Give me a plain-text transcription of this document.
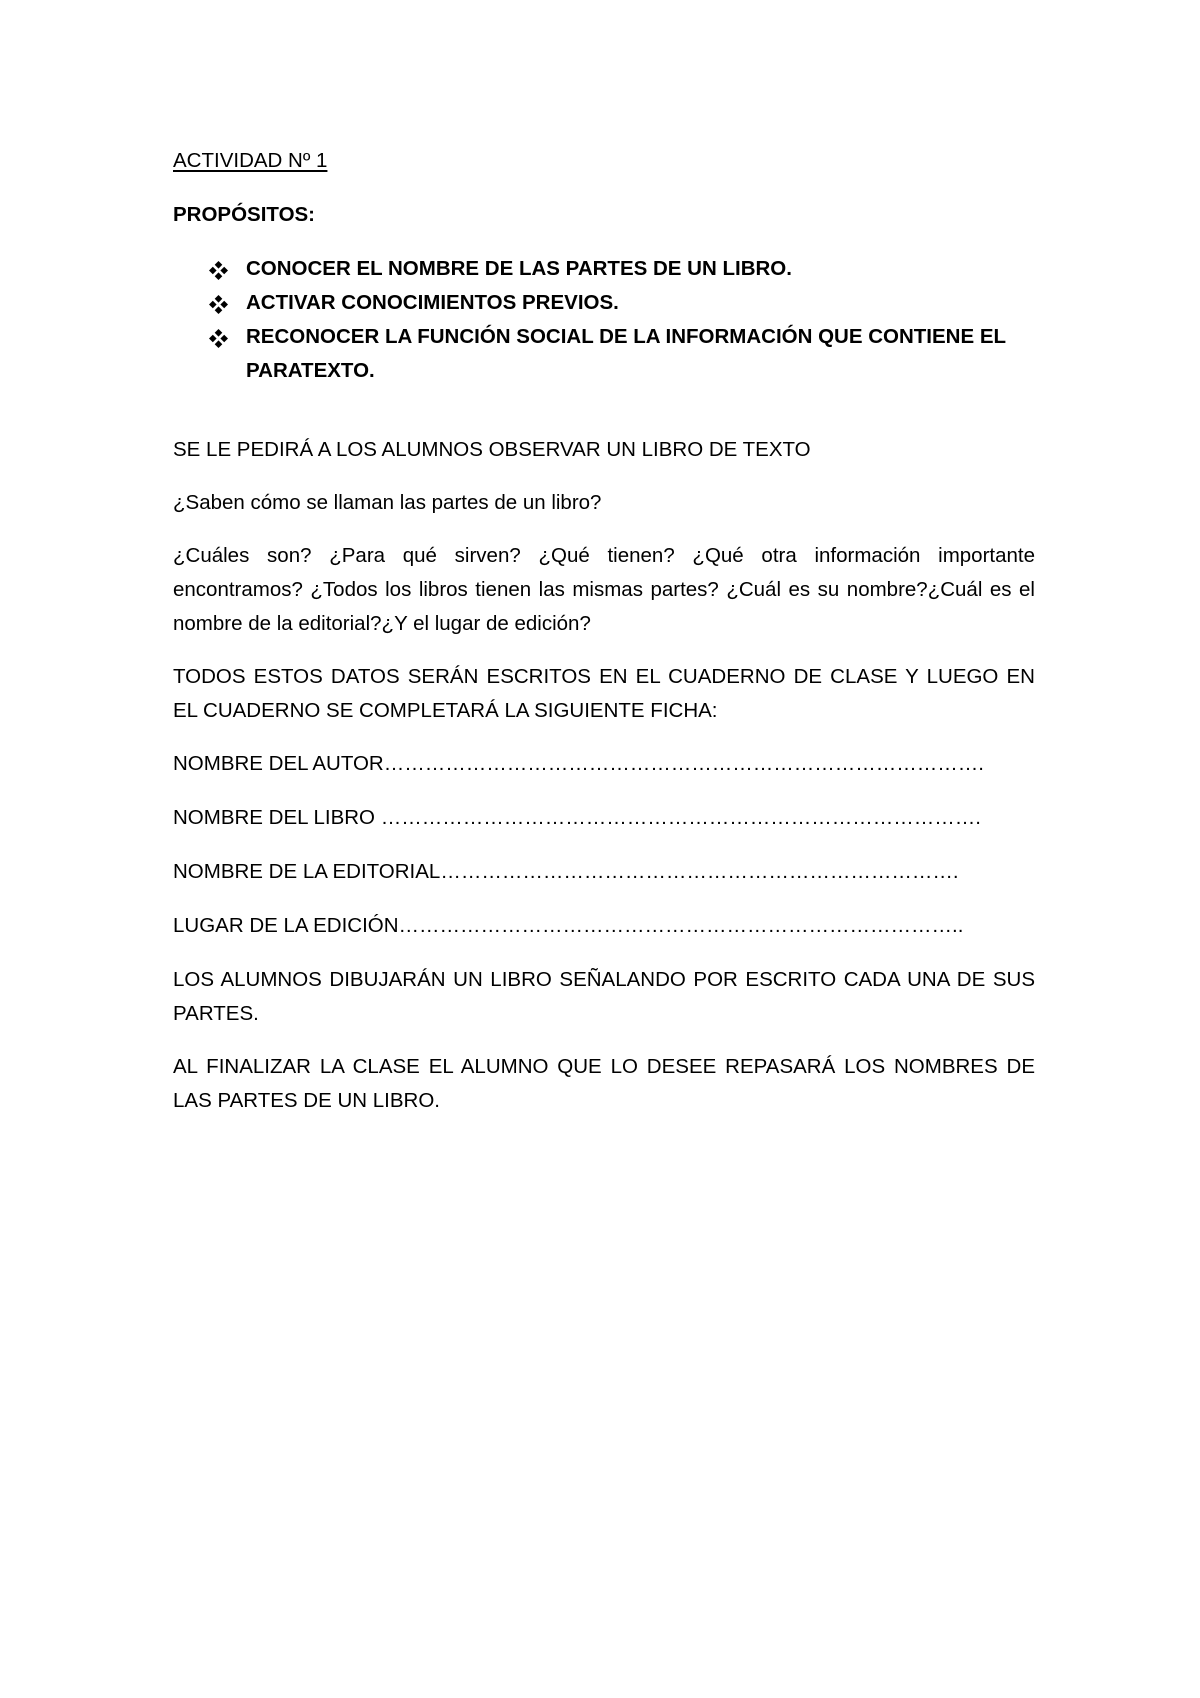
ACTIVIDAD Nº 1
PROPÓSITOS:
CONOCER EL NOMBRE DE LAS PARTES DE UN LIBRO.
ACTIVAR CONOCIMIENTOS PREVIOS.
RECONOCER LA FUNCIÓN SOCIAL DE LA INFORMACIÓN QUE CONTIENE EL PARATEXTO.

SE LE PEDIRÁ A LOS ALUMNOS OBSERVAR UN LIBRO DE TEXTO

¿Saben cómo se llaman las partes de un libro?

¿Cuáles son? ¿Para qué sirven? ¿Qué tienen? ¿Qué otra información importante encontramos? ¿Todos los libros tienen las mismas partes? ¿Cuál es su nombre?¿Cuál es el nombre de la editorial?¿Y el lugar de edición?

TODOS ESTOS DATOS SERÁN ESCRITOS EN EL CUADERNO DE CLASE Y LUEGO EN EL CUADERNO SE COMPLETARÁ LA SIGUIENTE FICHA:

NOMBRE DEL AUTOR…………………………………………………………………………….
NOMBRE DEL LIBRO …………………………………………………………………………….
NOMBRE DE LA EDITORIAL………………………………………………………………….
LUGAR DE LA EDICIÓN………………………………………………………………………..

LOS ALUMNOS DIBUJARÁN UN LIBRO SEÑALANDO POR ESCRITO CADA UNA DE SUS PARTES.

AL FINALIZAR LA CLASE EL ALUMNO QUE LO DESEE REPASARÁ LOS NOMBRES DE LAS PARTES DE UN LIBRO.
